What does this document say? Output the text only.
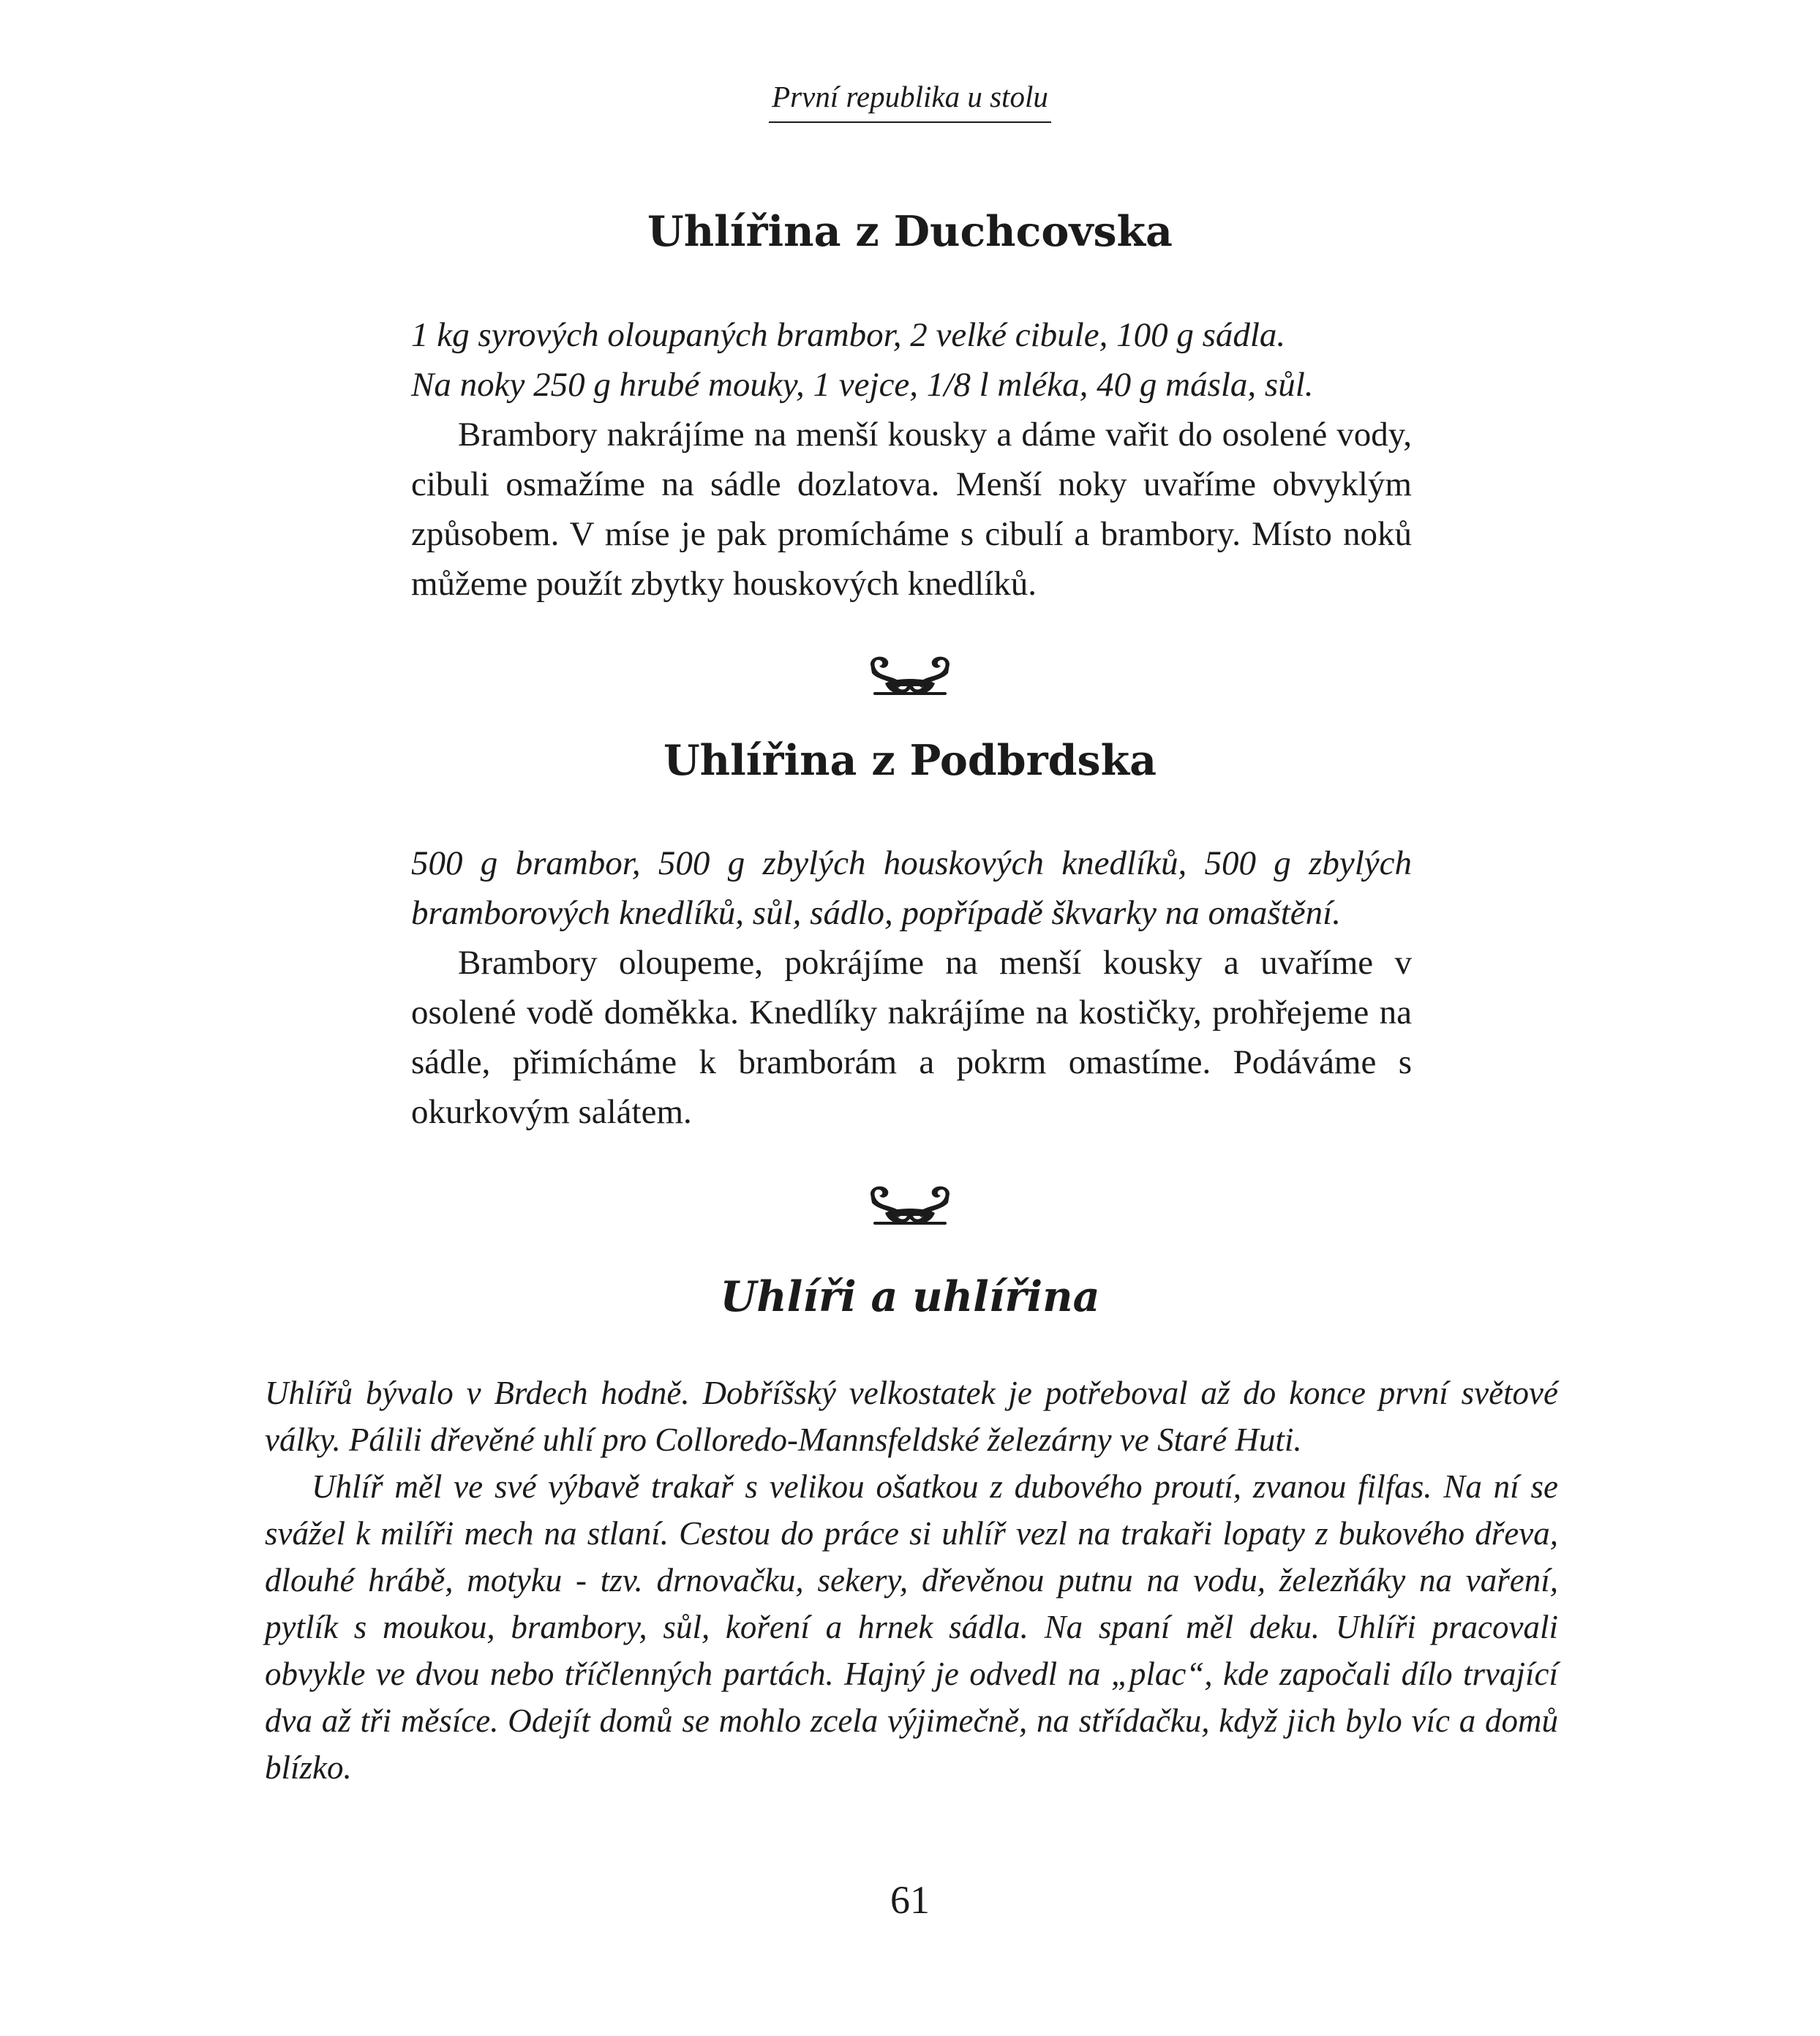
První republika u stolu
Uhlířina z Duchcovska

1 kg syrových oloupaných brambor, 2 velké cibule, 100 g sádla.

Na noky 250 g hrubé mouky, 1 vejce, 1/8 l mléka, 40 g másla, sůl.

Brambory nakrájíme na menší kousky a dáme vařit do osolené vody, cibuli osmažíme na sádle dozlatova. Menší noky uvaříme obvyklým způsobem. V míse je pak promícháme s cibulí a brambory. Místo noků můžeme použít zbytky houskových knedlíků.

Uhlířina z Podbrdska

500 g brambor, 500 g zbylých houskových knedlíků, 500 g zbylých bramborových knedlíků, sůl, sádlo, popřípadě škvarky na omaštění.

Brambory oloupeme, pokrájíme na menší kousky a uvaříme v osolené vodě doměkka. Knedlíky nakrájíme na kostičky, prohřejeme na sádle, přimícháme k bramborám a pokrm omastíme. Podáváme s okurkovým salátem.

Uhlíři a uhlířina

Uhlířů bývalo v Brdech hodně. Dobříšský velkostatek je potřeboval až do konce první světové války. Pálili dřevěné uhlí pro Colloredo-Mannsfeldské železárny ve Staré Huti.

Uhlíř měl ve své výbavě trakař s velikou ošatkou z dubového proutí, zvanou filfas. Na ní se svážel k milíři mech na stlaní. Cestou do práce si uhlíř vezl na trakaři lopaty z bukového dřeva, dlouhé hrábě, motyku - tzv. drnovačku, sekery, dřevěnou putnu na vodu, železňáky na vaření, pytlík s moukou, brambory, sůl, koření a hrnek sádla. Na spaní měl deku. Uhlíři pracovali obvykle ve dvou nebo tříčlenných partách. Hajný je odvedl na „plac“, kde započali dílo trvající dva až tři měsíce. Odejít domů se mohlo zcela výjimečně, na střídačku, když jich bylo víc a domů blízko.

61
